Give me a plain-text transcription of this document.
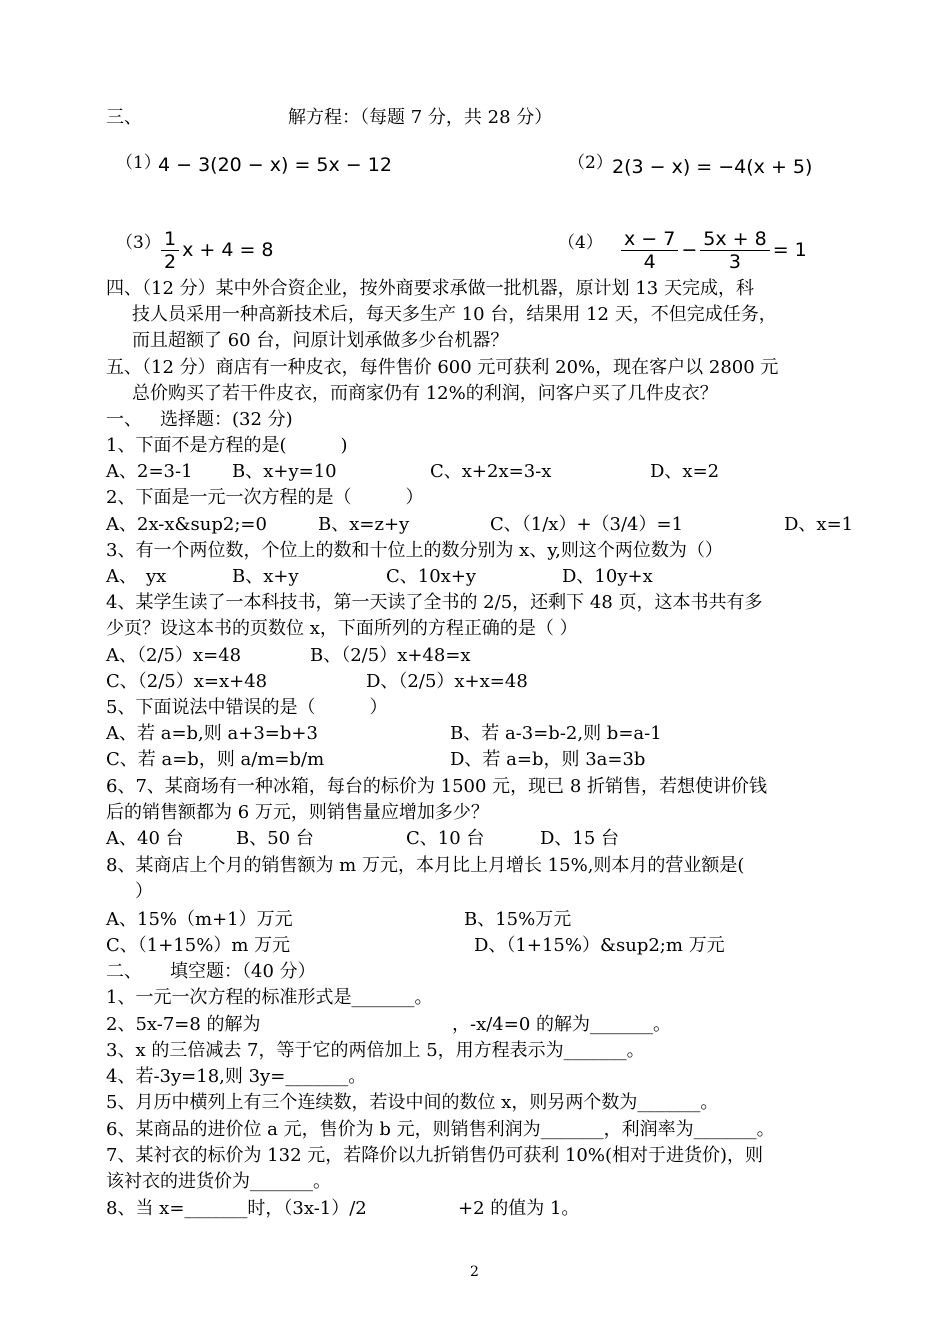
三、	解方程：（每题 7 分，共 28 分）
（1）
4 − 3(20 − x) = 5x − 12	（2） 2(3 − x) = −4(x + 5)
$(3) \frac{1}{2}$ x + 4 = 8	$(4) \frac{x - 7}{4} - \frac{5x + 8}{3} = 1$
四、（12 分）某中外合资企业，按外商要求承做一批机器，原计划 13 天完成，科
技人员采用一种高新技术后，每天多生产 10 台，结果用 12 天，不但完成任务，
而且超额了 60 台，问原计划承做多少台机器？
五、（12 分）商店有一种皮衣，每件售价 600 元可获利 20%，现在客户以 2800 元
总价购买了若干件皮衣，而商家仍有 12%的利润，问客户买了几件皮衣？
一、 选择题：(32 分)
1、下面不是方程的是(　　　)
A、2=3-1 B、x+y=10	C、x+2x=3-x	D、x=2
2、下面是一元一次方程的是（　　　）
A、2x-x&sup2;=0	B、x=z+y	C、（1/x）+（3/4）=1	D、x=1
3、有一个两位数，个位上的数和十位上的数分别为 x、y,则这个两位数为（）
A、　yx	B、x+y	C、10x+y	D、10y+x
4、某学生读了一本科技书，第一天读了全书的 2/5，还剩下 48 页，这本书共有多
少页？设这本书的页数位 x，下面所列的方程正确的是（ ）
A、（2/5）x=48	B、（2/5）x+48=x
C、（2/5）x=x+48	D、（2/5）x+x=48
5、下面说法中错误的是（　　　）
A、若 a=b,则 a+3=b+3	B、若 a-3=b-2,则 b=a-1
C、若 a=b，则 a/m=b/m	D、若 a=b，则 3a=3b
6、7、某商场有一种冰箱，每台的标价为 1500 元，现已 8 折销售，若想使讲价钱
后的销售额都为 6 万元，则销售量应增加多少？
A、40 台	B、50 台	C、10 台	D、15 台
8、某商店上个月的销售额为 m 万元，本月比上月增长 15%,则本月的营业额是(
）
A、15%（m+1）万元	B、15%万元
C、（1+15%）m 万元	D、（1+15%）&sup2;m 万元
二、 填空题：（40 分）
1、一元一次方程的标准形式是_______。
2、5x-7=8 的解为	，-x/4=0 的解为_______。
3、x 的三倍减去 7，等于它的两倍加上 5，用方程表示为_______。
4、若-3y=18,则 3y=_______。
5、月历中横列上有三个连续数，若设中间的数位 x，则另两个数为_______。
6、某商品的进价位 a 元，售价为 b 元，则销售利润为_______，利润率为_______。
7、某衬衣的标价为 132 元，若降价以九折销售仍可获利 10%(相对于进货价)，则
该衬衣的进货价为_______。
8、当 x=_______时，（3x-1）/2	+2 的值为 1。
2
